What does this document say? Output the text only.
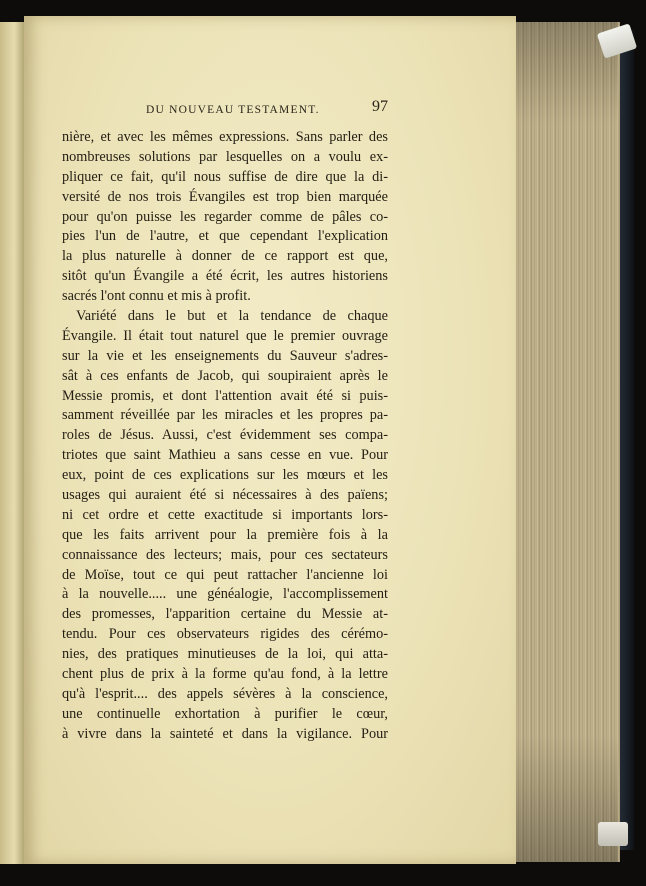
DU NOUVEAU TESTAMENT.	97
nière, et avec les mêmes expressions. Sans parler des
nombreuses solutions par lesquelles on a voulu ex-
pliquer ce fait, qu'il nous suffise de dire que la di-
versité de nos trois Évangiles est trop bien marquée
pour qu'on puisse les regarder comme de pâles co-
pies l'un de l'autre, et que cependant l'explication
la plus naturelle à donner de ce rapport est que,
sitôt qu'un Évangile a été écrit, les autres historiens
sacrés l'ont connu et mis à profit.
Variété dans le but et la tendance de chaque
Évangile. Il était tout naturel que le premier ouvrage
sur la vie et les enseignements du Sauveur s'adres-
sât à ces enfants de Jacob, qui soupiraient après le
Messie promis, et dont l'attention avait été si puis-
samment réveillée par les miracles et les propres pa-
roles de Jésus. Aussi, c'est évidemment ses compa-
triotes que saint Mathieu a sans cesse en vue. Pour
eux, point de ces explications sur les mœurs et les
usages qui auraient été si nécessaires à des païens;
ni cet ordre et cette exactitude si importants lors-
que les faits arrivent pour la première fois à la
connaissance des lecteurs; mais, pour ces sectateurs
de Moïse, tout ce qui peut rattacher l'ancienne loi
à la nouvelle..... une généalogie, l'accomplissement
des promesses, l'apparition certaine du Messie at-
tendu. Pour ces observateurs rigides des cérémo-
nies, des pratiques minutieuses de la loi, qui atta-
chent plus de prix à la forme qu'au fond, à la lettre
qu'à l'esprit.... des appels sévères à la conscience,
une continuelle exhortation à purifier le cœur,
à vivre dans la sainteté et dans la vigilance. Pour
